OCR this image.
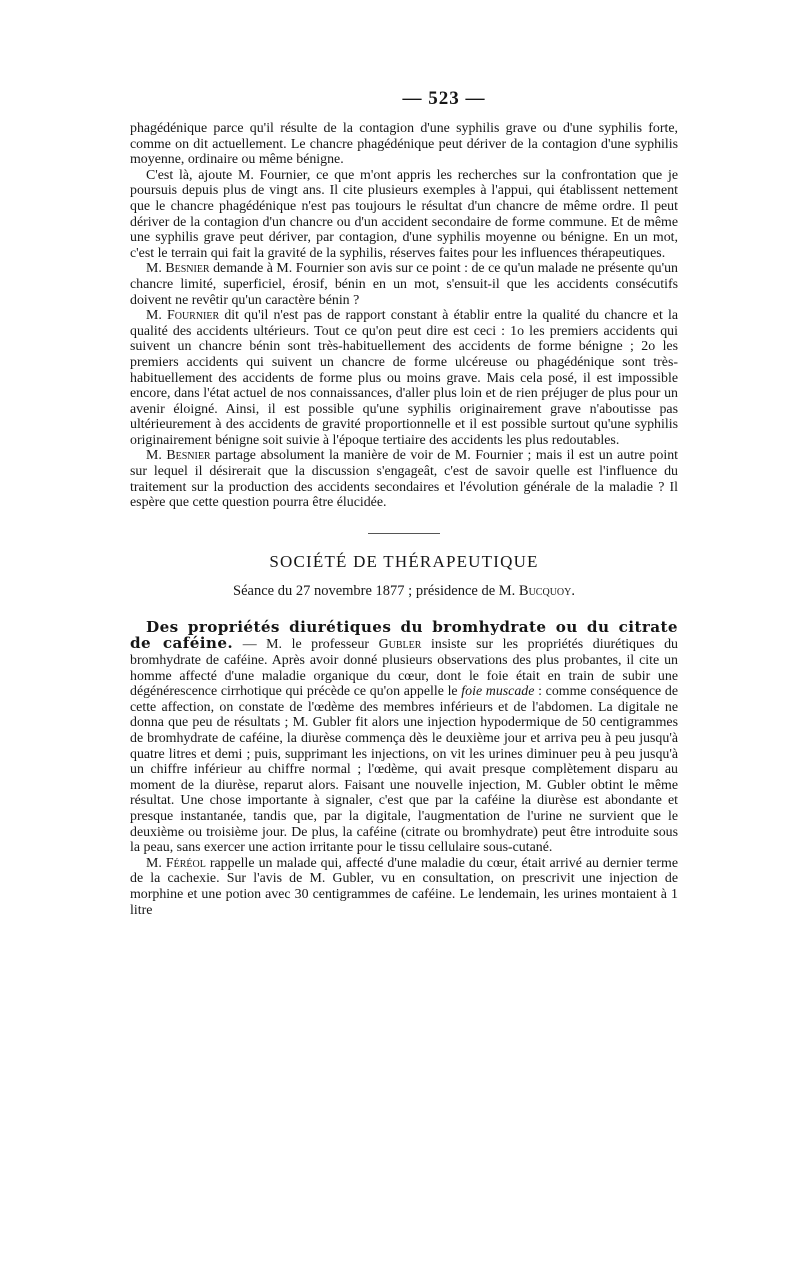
— 523 —

phagédénique parce qu'il résulte de la contagion d'une syphilis grave ou d'une syphilis forte, comme on dit actuellement. Le chancre phagédénique peut dériver de la contagion d'une syphilis moyenne, ordinaire ou même bénigne.

C'est là, ajoute M. Fournier, ce que m'ont appris les recherches sur la confrontation que je poursuis depuis plus de vingt ans. Il cite plusieurs exemples à l'appui, qui établissent nettement que le chancre phagédénique n'est pas toujours le résultat d'un chancre de même ordre. Il peut dériver de la contagion d'un chancre ou d'un accident secondaire de forme commune. Et de même une syphilis grave peut dériver, par contagion, d'une syphilis moyenne ou bénigne. En un mot, c'est le terrain qui fait la gravité de la syphilis, réserves faites pour les influences thérapeutiques.

M. Besnier demande à M. Fournier son avis sur ce point : de ce qu'un malade ne présente qu'un chancre limité, superficiel, érosif, bénin en un mot, s'ensuit-il que les accidents consécutifs doivent ne revêtir qu'un caractère bénin ?

M. Fournier dit qu'il n'est pas de rapport constant à établir entre la qualité du chancre et la qualité des accidents ultérieurs. Tout ce qu'on peut dire est ceci : 1o les premiers accidents qui suivent un chancre bénin sont très-habituellement des accidents de forme bénigne ; 2o les premiers accidents qui suivent un chancre de forme ulcéreuse ou phagédénique sont très-habituellement des accidents de forme plus ou moins grave. Mais cela posé, il est impossible encore, dans l'état actuel de nos connaissances, d'aller plus loin et de rien préjuger de plus pour un avenir éloigné. Ainsi, il est possible qu'une syphilis originairement grave n'aboutisse pas ultérieurement à des accidents de gravité proportionnelle et il est possible surtout qu'une syphilis originairement bénigne soit suivie à l'époque tertiaire des accidents les plus redoutables.

M. Besnier partage absolument la manière de voir de M. Fournier ; mais il est un autre point sur lequel il désirerait que la discussion s'engageât, c'est de savoir quelle est l'influence du traitement sur la production des accidents secondaires et l'évolution générale de la maladie ? Il espère que cette question pourra être élucidée.

SOCIÉTÉ DE THÉRAPEUTIQUE
Séance du 27 novembre 1877 ; présidence de M. Bucquoy.

Des propriétés diurétiques du bromhydrate ou du citrate de caféine. — M. le professeur Gubler insiste sur les propriétés diurétiques du bromhydrate de caféine. Après avoir donné plusieurs observations des plus probantes, il cite un homme affecté d'une maladie organique du cœur, dont le foie était en train de subir une dégénérescence cirrhotique qui précède ce qu'on appelle le foie muscade : comme conséquence de cette affection, on constate de l'œdème des membres inférieurs et de l'abdomen. La digitale ne donna que peu de résultats ; M. Gubler fit alors une injection hypodermique de 50 centigrammes de bromhydrate de caféine, la diurèse commença dès le deuxième jour et arriva peu à peu jusqu'à quatre litres et demi ; puis, supprimant les injections, on vit les urines diminuer peu à peu jusqu'à un chiffre inférieur au chiffre normal ; l'œdème, qui avait presque complètement disparu au moment de la diurèse, reparut alors. Faisant une nouvelle injection, M. Gubler obtint le même résultat. Une chose importante à signaler, c'est que par la caféine la diurèse est abondante et presque instantanée, tandis que, par la digitale, l'augmentation de l'urine ne survient que le deuxième ou troisième jour. De plus, la caféine (citrate ou bromhydrate) peut être introduite sous la peau, sans exercer une action irritante pour le tissu cellulaire sous-cutané.

M. Féréol rappelle un malade qui, affecté d'une maladie du cœur, était arrivé au dernier terme de la cachexie. Sur l'avis de M. Gubler, vu en consultation, on prescrivit une injection de morphine et une potion avec 30 centigrammes de caféine. Le lendemain, les urines montaient à 1 litre
